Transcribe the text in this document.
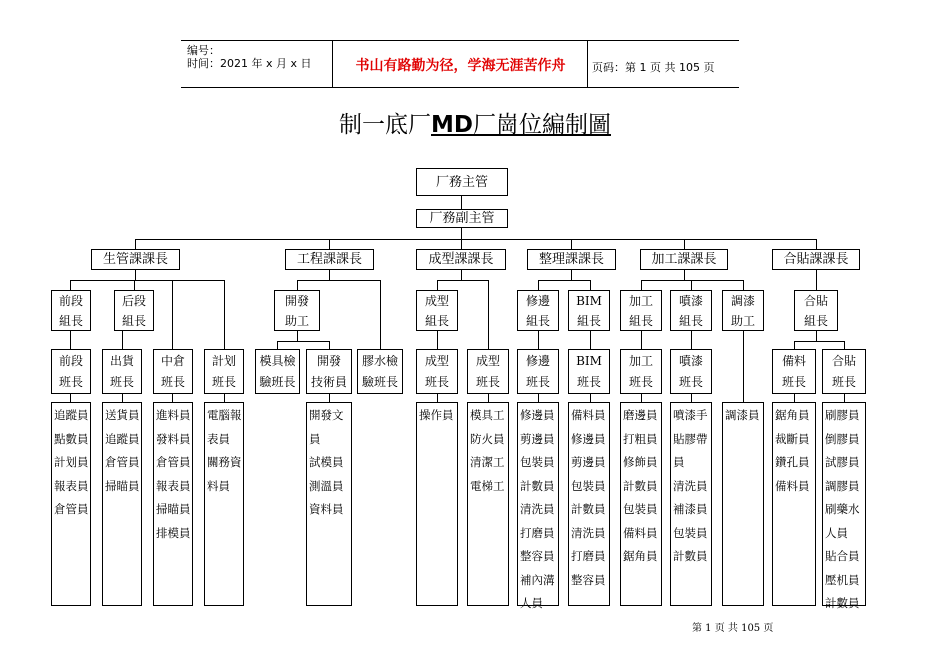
编号：
时间：2021 年 x 月 x 日	书山有路勤为径，学海无涯苦作舟	页码：第 1 页 共 105 页
制一底厂MD厂崗位編制圖
厂務主管
厂務副主管
生管課課長	工程課課長	成型課課長	整理課課長	加工課課長	合貼課課長
前段
組長
后段
組長
開發
助工
成型
組長
修邊
組長
BIM
組長
加工
組長
噴漆
組長
調漆
助工
合貼
組長
前段
班長
出貨
班長
中倉
班長
計划
班長
模具檢
驗班長
開發
技術員
膠水檢
驗班長
成型
班長
成型
班長
修邊
班長
BIM
班長
加工
班長
噴漆
班長
備料
班長
合貼
班長
追蹤員
點數員
計划員
報表員
倉管員
送貨員
追蹤員
倉管員
掃瞄員
進料員
發料員
倉管員
報表員
掃瞄員
排模員
電腦報
表員
關務資
料員
開發文
員
試模員
測溫員
資料員
操作員	模具工
防火員
清潔工
電梯工
修邊員
剪邊員
包裝員
計數員
清洗員
打磨員
整容員
補內溝
人員
備料員
修邊員
剪邊員
包裝員
計數員
清洗員
打磨員
整容員
磨邊員
打粗員
修飾員
計數員
包裝員
備料員
鋸角員
噴漆手
貼膠帶
員
清洗員
補漆員
包裝員
計數員
調漆員	鋸角員
裁斷員
鑽孔員
備料員
刷膠員
倒膠員
試膠員
調膠員
刷藥水
人員
貼合員
壓机員
計數員
第 1 页 共 105 页
